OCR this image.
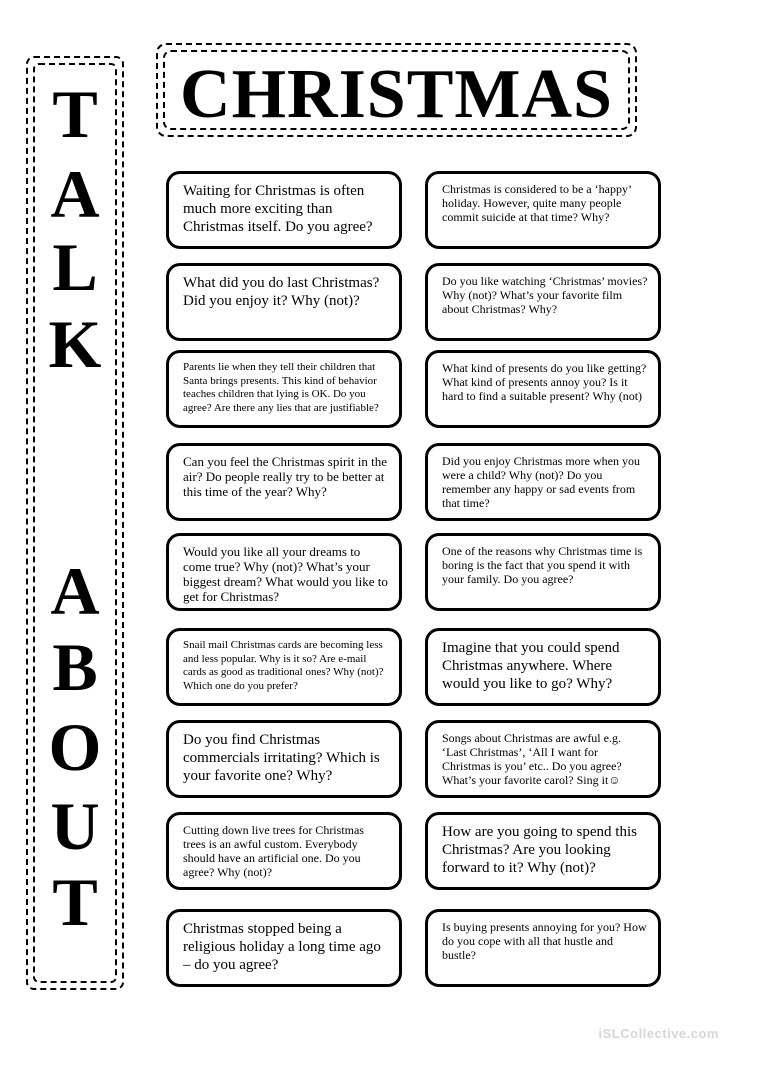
CHRISTMAS
T
A
L
K
A
B
O
U
T
Waiting for Christmas is often much more exciting than Christmas itself. Do you agree?
What did you do last Christmas? Did you enjoy it? Why (not)?
Parents lie when they tell their children that Santa brings presents. This kind of behavior teaches children that lying is OK. Do you agree? Are there any lies that are justifiable?
Can you feel the Christmas spirit in the air? Do people really try to be better at this time of the year? Why?
Would you like all your dreams to come true? Why (not)? What’s your biggest dream? What would you like to get for Christmas?
Snail mail Christmas cards are becoming less and less popular. Why is it so? Are e-mail cards as good as traditional ones? Why (not)? Which one do you prefer?
Do you find Christmas commercials irritating? Which is your favorite one? Why?
Cutting down live trees for Christmas trees is an awful custom. Everybody should have an artificial one. Do you agree? Why (not)?
Christmas stopped being a religious holiday a long time ago – do you agree?
Christmas is considered to be a ‘happy’ holiday. However, quite many people commit suicide at that time? Why?
Do you like watching ‘Christmas’ movies? Why (not)? What’s your favorite film about Christmas? Why?
What kind of presents do you like getting? What kind of presents annoy you? Is it hard to find a suitable present? Why (not)
Did you enjoy Christmas more when you were a child? Why (not)? Do you remember any happy or sad events from that time?
One of the reasons why Christmas time is boring is the fact that you spend it with your family. Do you agree?
Imagine that you could spend Christmas anywhere. Where would you like to go? Why?
Songs about Christmas are awful e.g. ‘Last Christmas’, ‘All I want for Christmas is you’ etc.. Do you agree? What’s your favorite carol? Sing it☺
How are you going to spend this Christmas? Are you looking forward to it? Why (not)?
Is buying presents annoying for you? How do you cope with all that hustle and bustle?
iSLCollective.com
